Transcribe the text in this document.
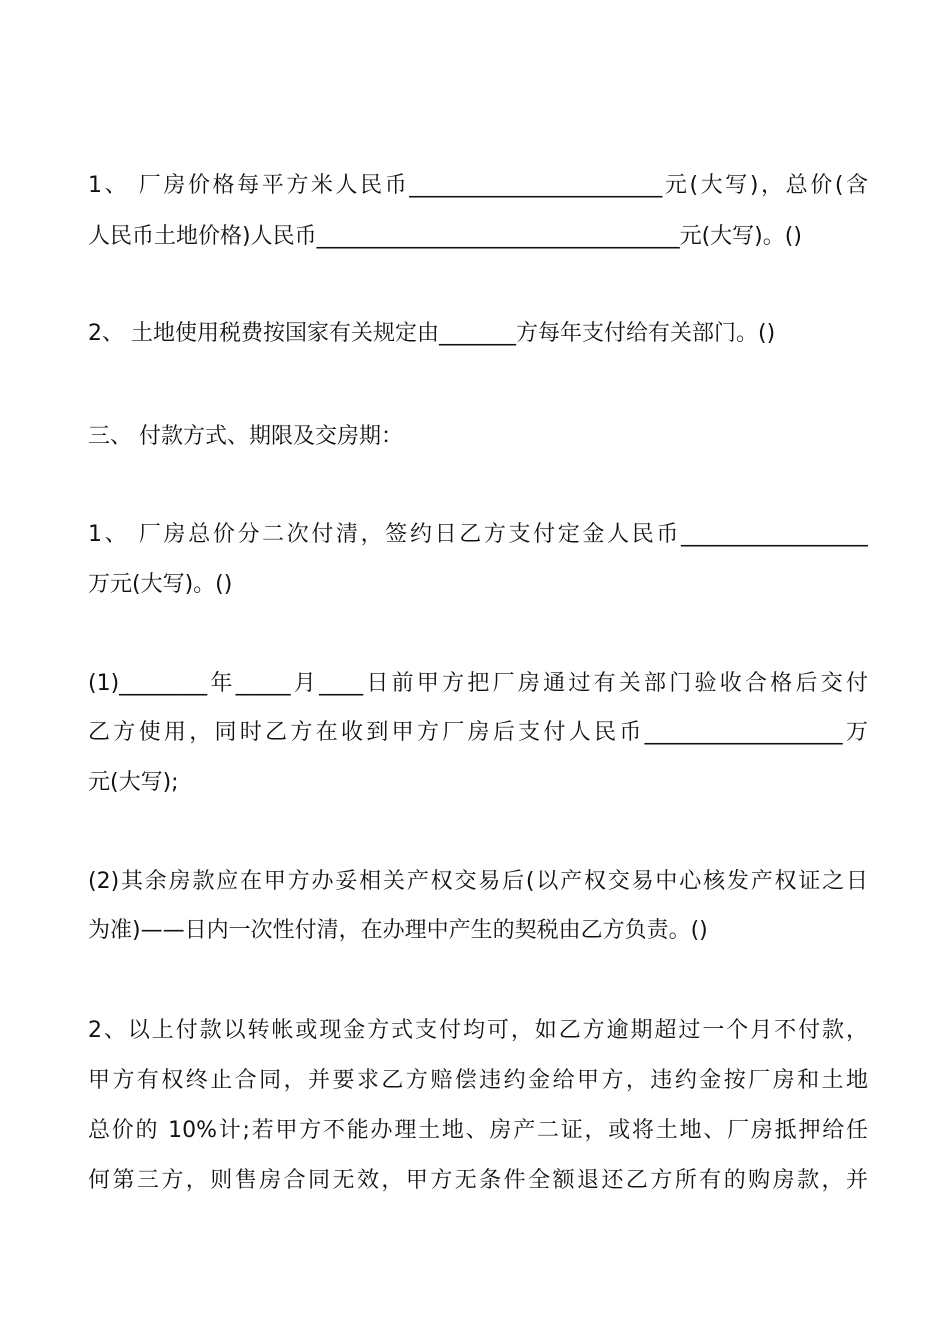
1、 厂房价格每平方米人民币_______________________元(大写)，总价(含
人民币土地价格)人民币_________________________________元(大写)。()
2、 土地使用税费按国家有关规定由_______方每年支付给有关部门。()
三、 付款方式、期限及交房期：
1、 厂房总价分二次付清，签约日乙方支付定金人民币_________________
万元(大写)。()
(1)________年_____月____日前甲方把厂房通过有关部门验收合格后交付
乙方使用，同时乙方在收到甲方厂房后支付人民币__________________万
元(大写);
(2)其余房款应在甲方办妥相关产权交易后(以产权交易中心核发产权证之日
为准)——日内一次性付清，在办理中产生的契税由乙方负责。()
2、以上付款以转帐或现金方式支付均可，如乙方逾期超过一个月不付款，
甲方有权终止合同，并要求乙方赔偿违约金给甲方，违约金按厂房和土地
总价的 10%计;若甲方不能办理土地、房产二证，或将土地、厂房抵押给任
何第三方，则售房合同无效，甲方无条件全额退还乙方所有的购房款，并
